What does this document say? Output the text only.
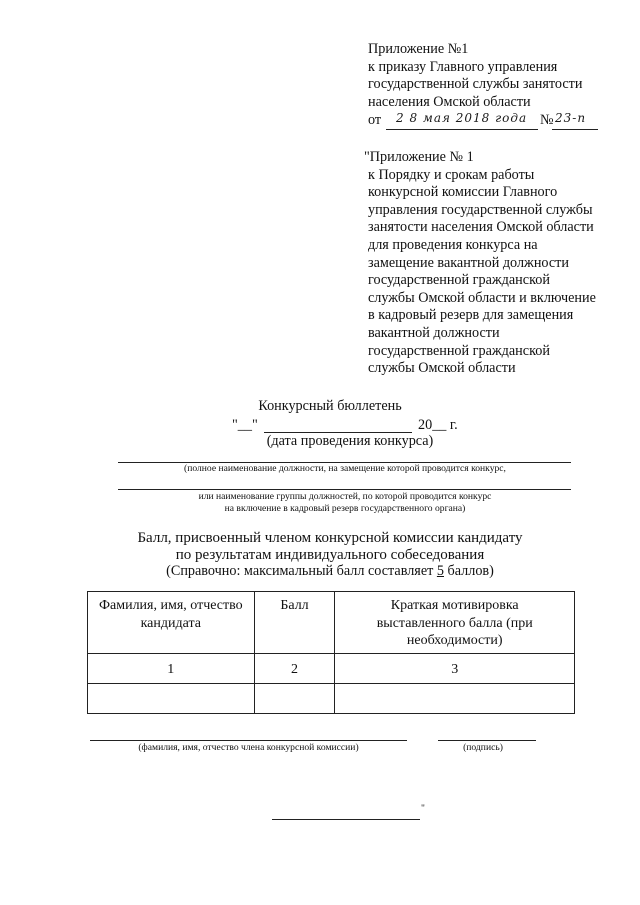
Приложение №1
к приказу Главного управления
государственной службы занятости
населения Омской области
от 2 8 мая 2018 года № 23-п
"Приложение № 1
к Порядку и срокам работы
конкурсной комиссии Главного
управления государственной службы
занятости населения Омской области
для проведения конкурса на
замещение вакантной должности
государственной гражданской
службы Омской области и включение
в кадровый резерв для замещения
вакантной должности
государственной гражданской
службы Омской области
Конкурсный бюллетень
"__"	20__ г.
(дата проведения конкурса)
(полное наименование должности, на замещение которой проводится конкурс,
или наименование группы должностей, по которой проводится конкурс
на включение в кадровый резерв государственного органа)
Балл, присвоенный членом конкурсной комиссии кандидату
по результатам индивидуального собеседования
(Справочно: максимальный балл составляет 5 баллов)
Фамилия, имя, отчество кандидата	Балл	Краткая мотивировка выставленного балла (при необходимости)
1	2	3

(фамилия, имя, отчество члена конкурсной комиссии)	(подпись)
"
